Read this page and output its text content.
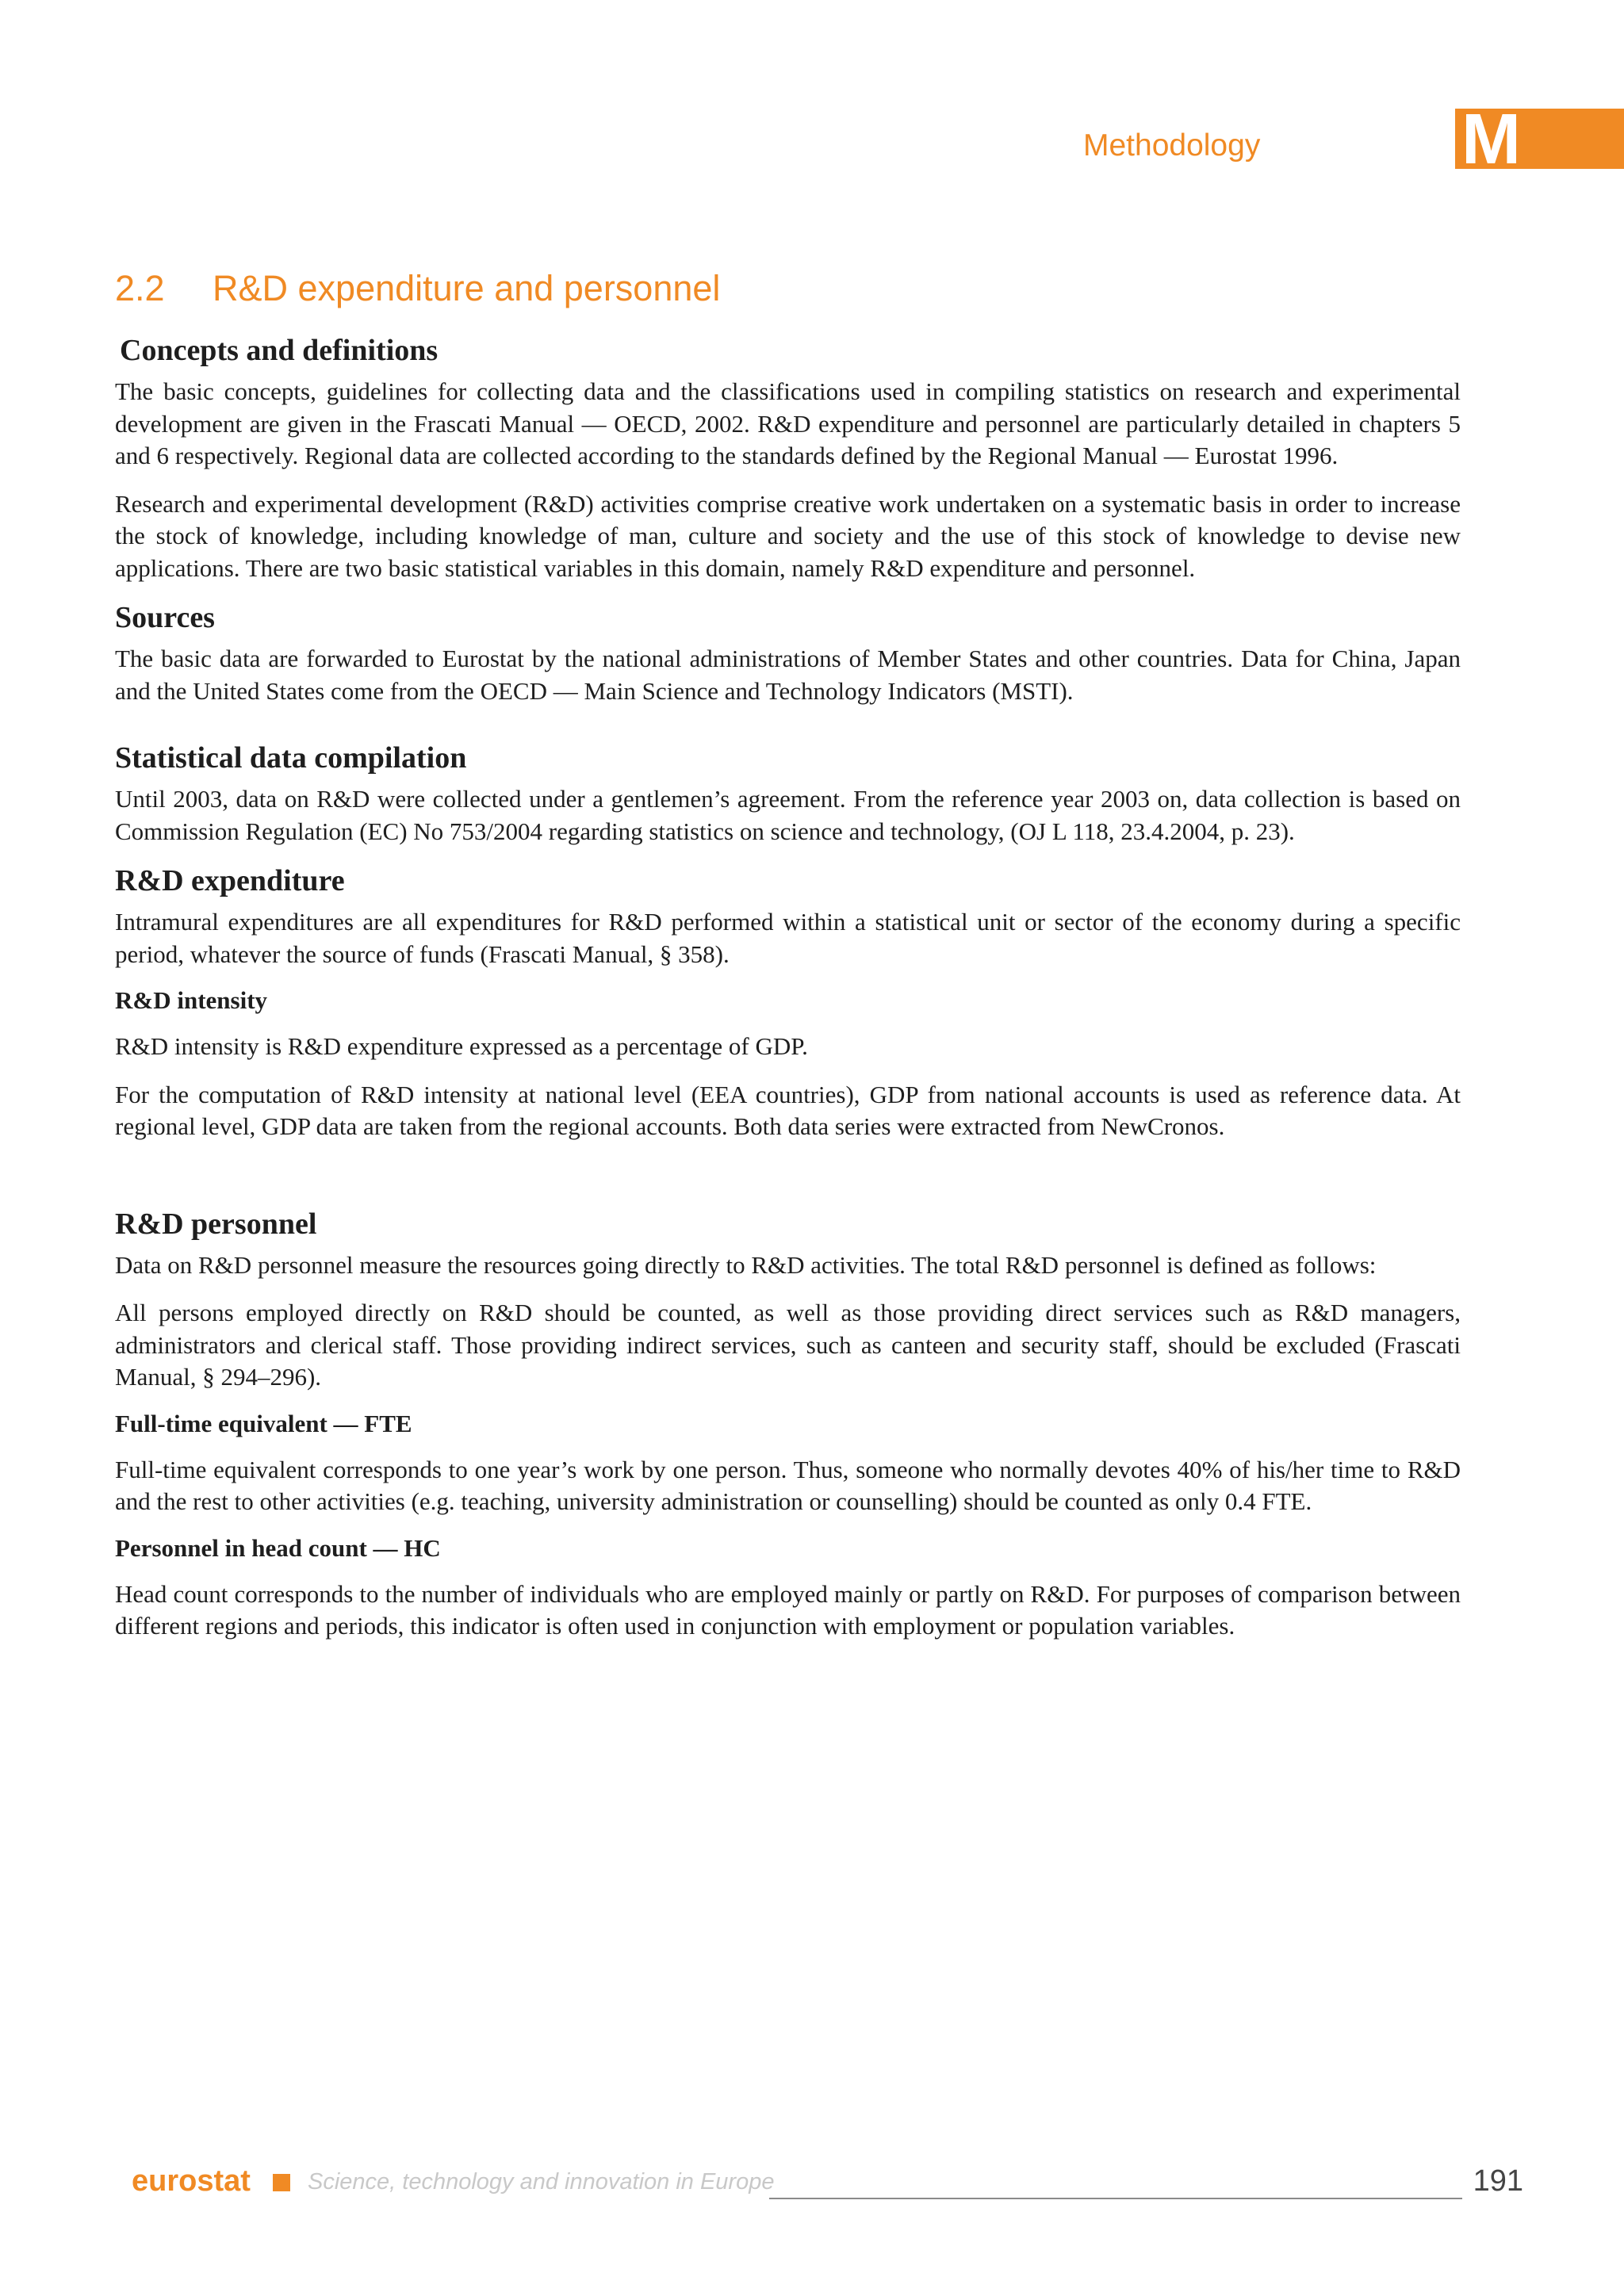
Methodology	M
2.2 R&D expenditure and personnel
Concepts and definitions

The basic concepts, guidelines for collecting data and the classifications used in compiling statistics on research and experimental development are given in the Frascati Manual — OECD, 2002. R&D expenditure and personnel are particularly detailed in chapters 5 and 6 respectively. Regional data are collected according to the standards defined by the Regional Manual — Eurostat 1996.

Research and experimental development (R&D) activities comprise creative work undertaken on a systematic basis in order to increase the stock of knowledge, including knowledge of man, culture and society and the use of this stock of knowledge to devise new applications. There are two basic statistical variables in this domain, namely R&D expenditure and personnel.

Sources

The basic data are forwarded to Eurostat by the national administrations of Member States and other countries. Data for China, Japan and the United States come from the OECD — Main Science and Technology Indicators (MSTI).

Statistical data compilation

Until 2003, data on R&D were collected under a gentlemen’s agreement. From the reference year 2003 on, data collection is based on Commission Regulation (EC) No 753/2004 regarding statistics on science and technology, (OJ L 118, 23.4.2004, p. 23).

R&D expenditure

Intramural expenditures are all expenditures for R&D performed within a statistical unit or sector of the economy during a specific period, whatever the source of funds (Frascati Manual, § 358).

R&D intensity

R&D intensity is R&D expenditure expressed as a percentage of GDP.

For the computation of R&D intensity at national level (EEA countries), GDP from national accounts is used as reference data. At regional level, GDP data are taken from the regional accounts. Both data series were extracted from NewCronos.

R&D personnel

Data on R&D personnel measure the resources going directly to R&D activities. The total R&D personnel is defined as follows:

All persons employed directly on R&D should be counted, as well as those providing direct services such as R&D managers, administrators and clerical staff. Those providing indirect services, such as canteen and security staff, should be excluded (Frascati Manual, § 294–296).

Full-time equivalent — FTE

Full-time equivalent corresponds to one year’s work by one person. Thus, someone who normally devotes 40% of his/her time to R&D and the rest to other activities (e.g. teaching, university administration or counselling) should be counted as only 0.4 FTE.

Personnel in head count — HC

Head count corresponds to the number of individuals who are employed mainly or partly on R&D. For purposes of comparison between different regions and periods, this indicator is often used in conjunction with employment or population variables.

eurostat Science, technology and innovation in Europe	191
